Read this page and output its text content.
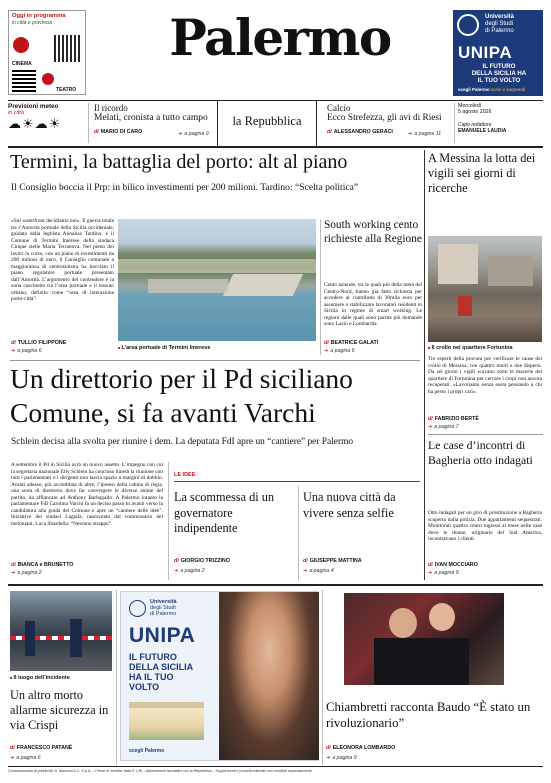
Oggi in programma
in città e provincia
CINEMA
TEATRO
Palermo	Università
degli Studi
di Palermo
UNIPA
IL FUTURO
DELLA SICILIA HA
IL TUO VOLTO
scegli Palermo scrivi e sorprendi
Previsioni meteo
in città
☁☀☁☀
Il ricordo
Melati, cronista a tutto campo
di MARIO DI CARO	➜ a pagina 9
la Repubblica
Calcio
Ecco Strefezza, gli avi di Riesi
di ALESSANDRO GERACI	➜ a pagina 11
Mercoledì
5 agosto 2026
Capo redattore
EMANUELE LAUDIA
Termini, la battaglia del porto: alt al piano
Il Consiglio boccia il Prp: in bilico investimenti per 200 milioni. Tardino: “Scelta politica”
«Sui waterfront decidiamo noi». È guerra totale tra l’Autorità portuale della Sicilia occidentale, guidata dalla leghista Annalisa Tardino, e il Comune di Termini Imerese della sindaca Cinque stelle Maria Terranova. Nel pieno dei lavori in corso, con un piano di investimenti da 200 milioni di euro, il Consiglio comunale a maggioranza di centrosinistra ha bocciato il piano regolatore portuale presentato dall’Autorità. L’argomento del contendere è la zona cuscinetto tra l’area portuale e il tessuto urbano, definito come “area di interazione porto-città”.
di TULLIO FILIPPONE
➜ a pagina 6
■	L’area portuale di Termini Imerese
South working cento richieste alla Regione
Cento aziende, tra le quali più della metà del Centro-Nord, hanno già fatto richiesta per accedere al contributo di 30mila euro per assumere o stabilizzare lavoratori residenti in Sicilia in regime di smart working. Le regioni dalle quali sono partite più domande sono Lazio e Lombardia.
di BEATRICE GALATI
➜ a pagina 6
A Messina la lotta dei vigili sei giorni di ricerche
■ Il crollo nel quartiere Fortunina
Tre esperti della procura per verificare le cause del crollo di Messina, con quattro morti e due dispersi. Da sei giorni i vigili scavano sotto le macerie del quartiere di Fortunina per cercare i corpi non ancora recuperati. «Lavoriamo senza sosta pensando a chi ha perso i propri cari».
di FABRIZIO BERTÈ
➜ a pagina 7
Un direttorio per il Pd siciliano
Comune, si fa avanti Varchi
Schlein decisa alla svolta per riunire i dem. La deputata FdI apre un “cantiere” per Palermo
A settembre il Pd in Sicilia avrà un nuovo assetto. L’impegno con cui la segretaria nazionale Elly Schlein ha concluso lunedì la riunione con tutti i parlamentari e i dirigenti non lascia spazio a margini di dubbio. Avanti adesso, più accreditata di altre, l’ipotesi della cabina di regia, una sorta di direttorio dove far convergere le diverse anime del partito, da affiancare ad Anthony Barbagallo. A Palermo intanto la parlamentare FdI Carolina Varchi fa un deciso passo in avanti verso la candidatura alla guida del Comune e apre un “cantiere delle idee”. Iniziative dei sindaci Lagalla, rassicurato dal commissario dei meloniani, Luca Sbardella: “Nessuno strappo”.
di BIANCA e BRUNETTO
➜ a pagina 2
LE IDEE
La scommessa di un governatore indipendente
di GIORGIO TRIZZINO
➜ a pagina 2
Una nuova città da vivere senza selfie
di GIUSEPPE MATTINA
➜ a pagina 4
Le case d’incontri di Bagheria otto indagati
Otto indagati per un giro di prostituzione a Bagheria scoperto dalla polizia. Due appartamenti sequestrati. Monitorati quattro centri ingressi al mese nelle case dove le donne, originarie del Sud America, incontravano i clienti.
di IVAN MOCCIARO
➜ a pagina 9
■ Il luogo dell’incidente
Un altro morto allarme sicurezza in via Crispi
di FRANCESCO PATANÈ
➜ a pagina 6
Università
degli Studi
di Palermo
UNIPA
IL FUTURO
DELLA SICILIA
HA IL TUO
VOLTO
scegli Palermo
Chiambretti racconta Baudo “È stato un rivoluzionario”
di ELEONORA LOMBARDO
➜ a pagina 9
Concessionaria di pubblicità: A. Manzoni & C. S.p.A. – Prezzi di vendita: Italia € 1,90 – Abbinamenti facoltativi con la Repubblica – Supplementi e prodotti editoriali non vendibili separatamente
